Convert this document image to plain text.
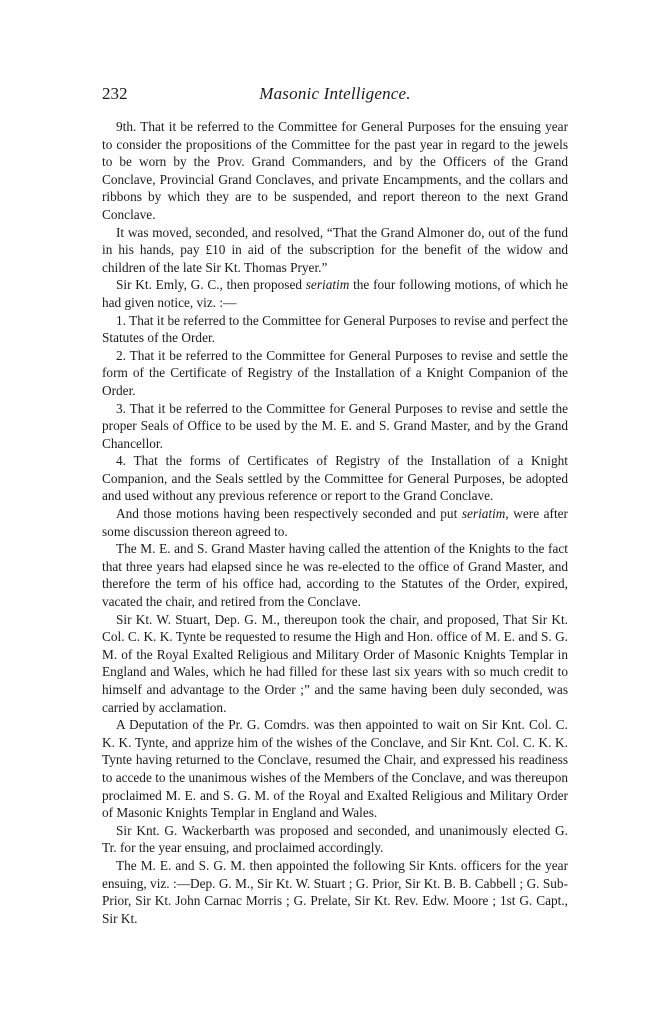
232	Masonic Intelligence.

9th. That it be referred to the Committee for General Purposes for the ensuing year to consider the propositions of the Committee for the past year in regard to the jewels to be worn by the Prov. Grand Commanders, and by the Officers of the Grand Conclave, Provincial Grand Conclaves, and private Encampments, and the collars and ribbons by which they are to be suspended, and report thereon to the next Grand Conclave.

It was moved, seconded, and resolved, “That the Grand Almoner do, out of the fund in his hands, pay £10 in aid of the subscription for the benefit of the widow and children of the late Sir Kt. Thomas Pryer.”

Sir Kt. Emly, G. C., then proposed seriatim the four following motions, of which he had given notice, viz. :—

1. That it be referred to the Committee for General Purposes to revise and perfect the Statutes of the Order.

2. That it be referred to the Committee for General Purposes to revise and settle the form of the Certificate of Registry of the Installation of a Knight Companion of the Order.

3. That it be referred to the Committee for General Purposes to revise and settle the proper Seals of Office to be used by the M. E. and S. Grand Master, and by the Grand Chancellor.

4. That the forms of Certificates of Registry of the Installation of a Knight Companion, and the Seals settled by the Committee for General Purposes, be adopted and used without any previous reference or report to the Grand Conclave.

And those motions having been respectively seconded and put seriatim, were after some discussion thereon agreed to.

The M. E. and S. Grand Master having called the attention of the Knights to the fact that three years had elapsed since he was re-elected to the office of Grand Master, and therefore the term of his office had, according to the Statutes of the Order, expired, vacated the chair, and retired from the Conclave.

Sir Kt. W. Stuart, Dep. G. M., thereupon took the chair, and proposed, That Sir Kt. Col. C. K. K. Tynte be requested to resume the High and Hon. office of M. E. and S. G. M. of the Royal Exalted Religious and Military Order of Masonic Knights Templar in England and Wales, which he had filled for these last six years with so much credit to himself and advantage to the Order ;” and the same having been duly seconded, was carried by acclamation.

A Deputation of the Pr. G. Comdrs. was then appointed to wait on Sir Knt. Col. C. K. K. Tynte, and apprize him of the wishes of the Conclave, and Sir Knt. Col. C. K. K. Tynte having returned to the Conclave, resumed the Chair, and expressed his readiness to accede to the unanimous wishes of the Members of the Conclave, and was thereupon proclaimed M. E. and S. G. M. of the Royal and Exalted Religious and Military Order of Masonic Knights Templar in England and Wales.

Sir Knt. G. Wackerbarth was proposed and seconded, and unanimously elected G. Tr. for the year ensuing, and proclaimed accordingly.

The M. E. and S. G. M. then appointed the following Sir Knts. officers for the year ensuing, viz. :—Dep. G. M., Sir Kt. W. Stuart ; G. Prior, Sir Kt. B. B. Cabbell ; G. Sub-Prior, Sir Kt. John Carnac Morris ; G. Prelate, Sir Kt. Rev. Edw. Moore ; 1st G. Capt., Sir Kt.
